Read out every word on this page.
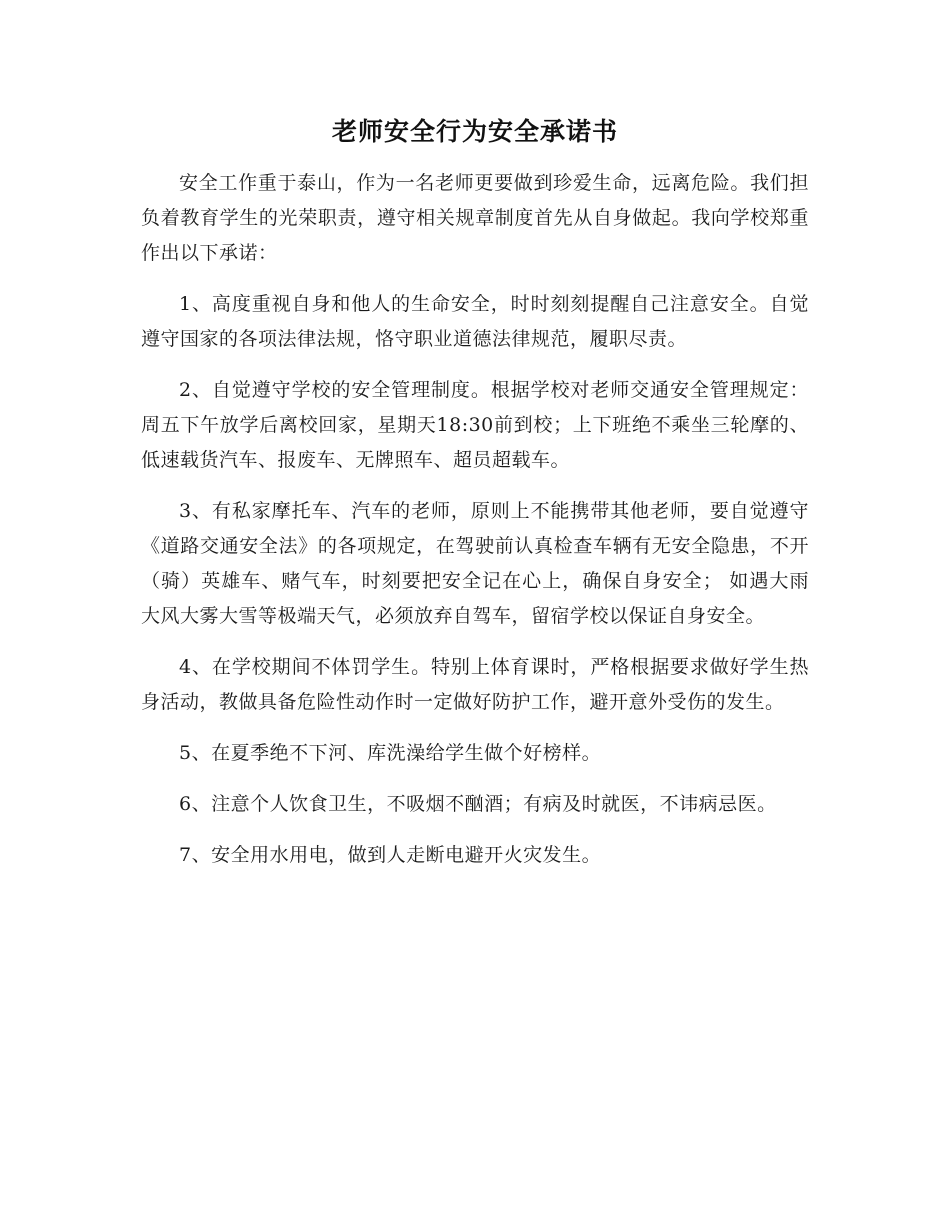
老师安全行为安全承诺书

安全工作重于泰山，作为一名老师更要做到珍爱生命，远离危险。我们担负着教育学生的光荣职责，遵守相关规章制度首先从自身做起。我向学校郑重作出以下承诺：

1、高度重视自身和他人的生命安全，时时刻刻提醒自己注意安全。自觉遵守国家的各项法律法规，恪守职业道德法律规范，履职尽责。

2、自觉遵守学校的安全管理制度。根据学校对老师交通安全管理规定：周五下午放学后离校回家，星期天18:30前到校；上下班绝不乘坐三轮摩的、低速载货汽车、报废车、无牌照车、超员超载车。

3、有私家摩托车、汽车的老师，原则上不能携带其他老师，要自觉遵守《道路交通安全法》的各项规定，在驾驶前认真检查车辆有无安全隐患，不开（骑）英雄车、赌气车，时刻要把安全记在心上，确保自身安全； 如遇大雨大风大雾大雪等极端天气，必须放弃自驾车，留宿学校以保证自身安全。

4、在学校期间不体罚学生。特别上体育课时，严格根据要求做好学生热身活动，教做具备危险性动作时一定做好防护工作，避开意外受伤的发生。

5、在夏季绝不下河、库洗澡给学生做个好榜样。

6、注意个人饮食卫生，不吸烟不酗酒；有病及时就医，不讳病忌医。

7、安全用水用电，做到人走断电避开火灾发生。
